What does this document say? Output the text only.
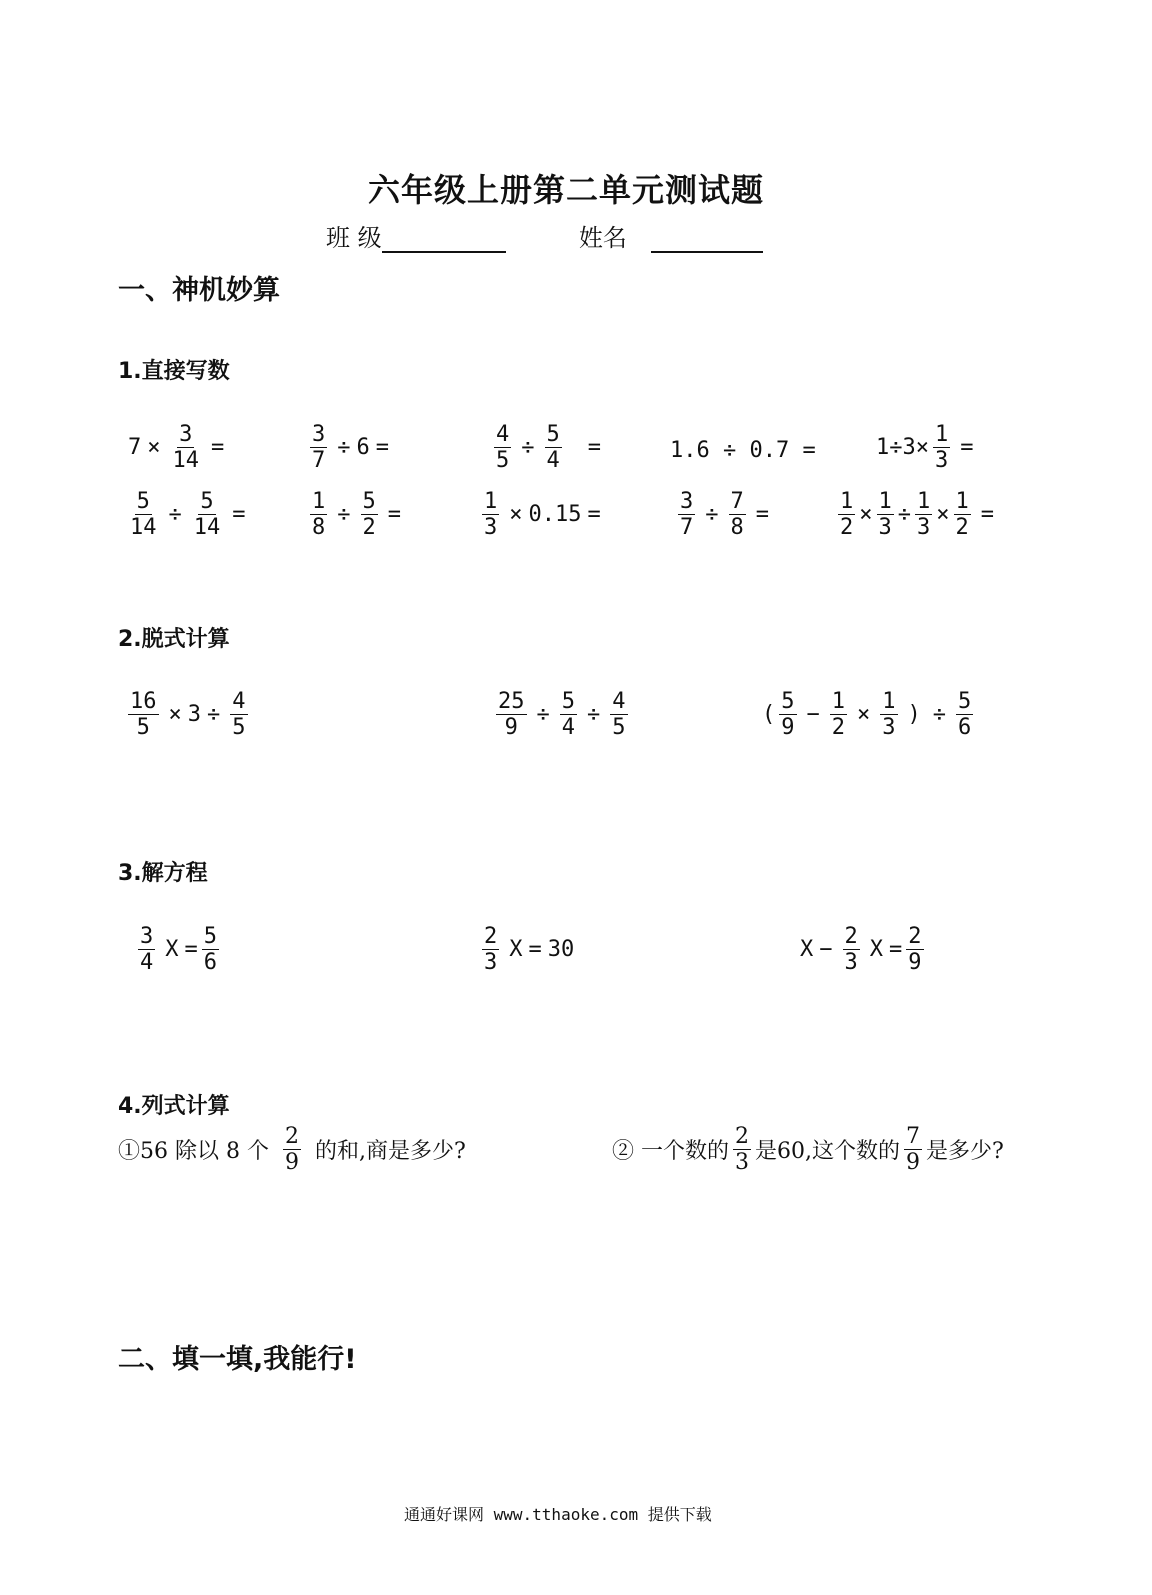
六年级上册第二单元测试题
班 级	姓名
一、神机妙算
1.直接写数
$7 \times \frac{3}{14}$ =	$\frac{3}{7} \div 6$ =	$\frac{4}{5} \div \frac{5}{4}$ =	1.6 ÷ 0.7 =	$1\div 3\times \frac{1}{3}$ =
$\frac{5}{14} \div \frac{5}{14}$ =	$\frac{1}{8} \div \frac{5}{2}$ =	$\frac{1}{3} \times 0.15$ =	$\frac{3}{7} \div \frac{7}{8}$ =	$\frac{1}{2} \times \frac{1}{3} \div \frac{1}{3} \times \frac{1}{2}$ =
2.脱式计算
$\frac{16}{5} \times 3 \div \frac{4}{5}$	$\frac{25}{9} \div \frac{5}{4} \div \frac{4}{5}$	( $\frac{5}{9} - \frac{1}{2} \times \frac{1}{3}$ ) ÷ $\frac{5}{6}$
3.解方程
$\frac{3}{4}$ $X = \frac{5}{6}$	$\frac{2}{3}$ X = 30	$X - \frac{2}{3}$ $X = \frac{2}{9}$
4.列式计算
①56 除以 8 个 $\frac{2}{9}$ 的和,商是多少?	② 一个数的 $\frac{2}{3}$ 是60,这个数的 $\frac{7}{9}$ 是多少?
二、填一填,我能行!
通通好课网 www.tthaoke.com 提供下载
